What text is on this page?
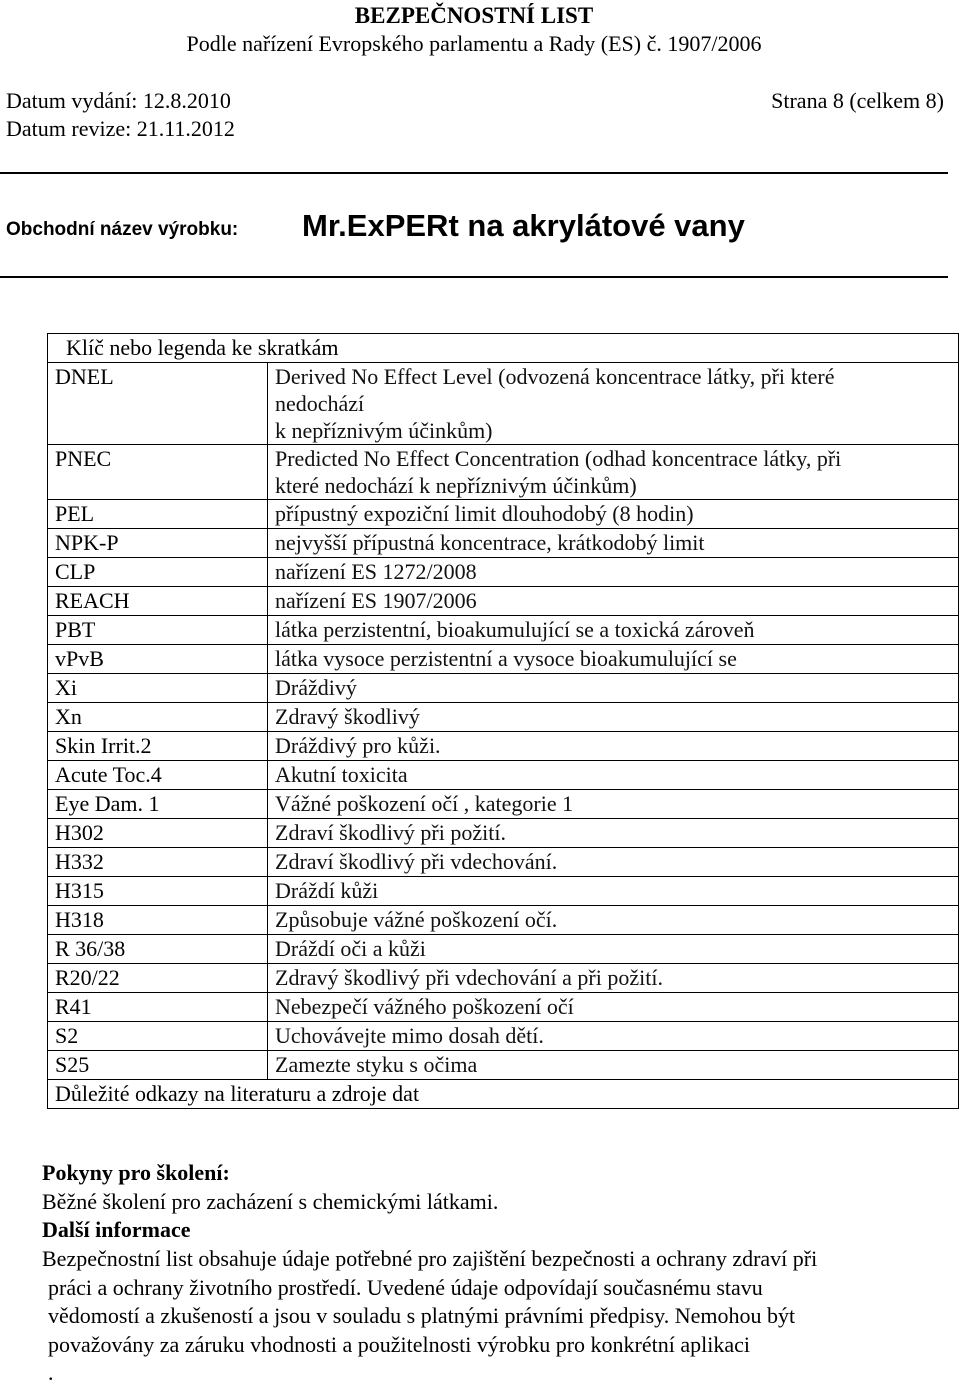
BEZPEČNOSTNÍ LIST
Podle nařízení Evropského parlamentu a Rady (ES) č. 1907/2006
Datum vydání: 12.8.2010	Strana 8 (celkem 8)
Datum revize: 21.11.2012
Obchodní název výrobku: Mr.ExPERt na akrylátové vany
Klíč nebo legenda ke skratkám	
DNEL	Derived No Effect Level (odvozená koncentrace látky, při které
nedochází
k nepříznivým účinkům)

PNEC	Predicted No Effect Concentration (odhad koncentrace látky, při
které nedochází k nepříznivým účinkům)

PEL	přípustný expoziční limit dlouhodobý (8 hodin)

NPK-P	nejvyšší přípustná koncentrace, krátkodobý limit

CLP	nařízení ES 1272/2008

REACH	nařízení ES 1907/2006

PBT	látka perzistentní, bioakumulující se a toxická zároveň

vPvB	látka vysoce perzistentní a vysoce bioakumulující se

Xi	Dráždivý

Xn	Zdravý škodlivý

Skin Irrit.2	Dráždivý pro kůži.

Acute Toc.4	Akutní toxicita

Eye Dam. 1	Vážné poškození očí , kategorie 1

H302	Zdraví škodlivý při požití.

H332	Zdraví škodlivý při vdechování.

H315	Dráždí kůži

H318	Způsobuje vážné poškození očí.

R 36/38	Dráždí oči a kůži

R20/22	Zdravý škodlivý při vdechování a při požití.

R41	Nebezpečí vážného poškození očí

S2	Uchovávejte mimo dosah dětí.

S25	Zamezte styku s očima

Důležité odkazy na literaturu a zdroje dat	
Pokyny pro školení:
Běžné školení pro zacházení s chemickými látkami.
Další informace
Bezpečnostní list obsahuje údaje potřebné pro zajištění bezpečnosti a ochrany zdraví při
práci a ochrany životního prostředí. Uvedené údaje odpovídají současnému stavu
vědomostí a zkušeností a jsou v souladu s platnými právními předpisy. Nemohou být
považovány za záruku vhodnosti a použitelnosti výrobku pro konkrétní aplikaci
.
